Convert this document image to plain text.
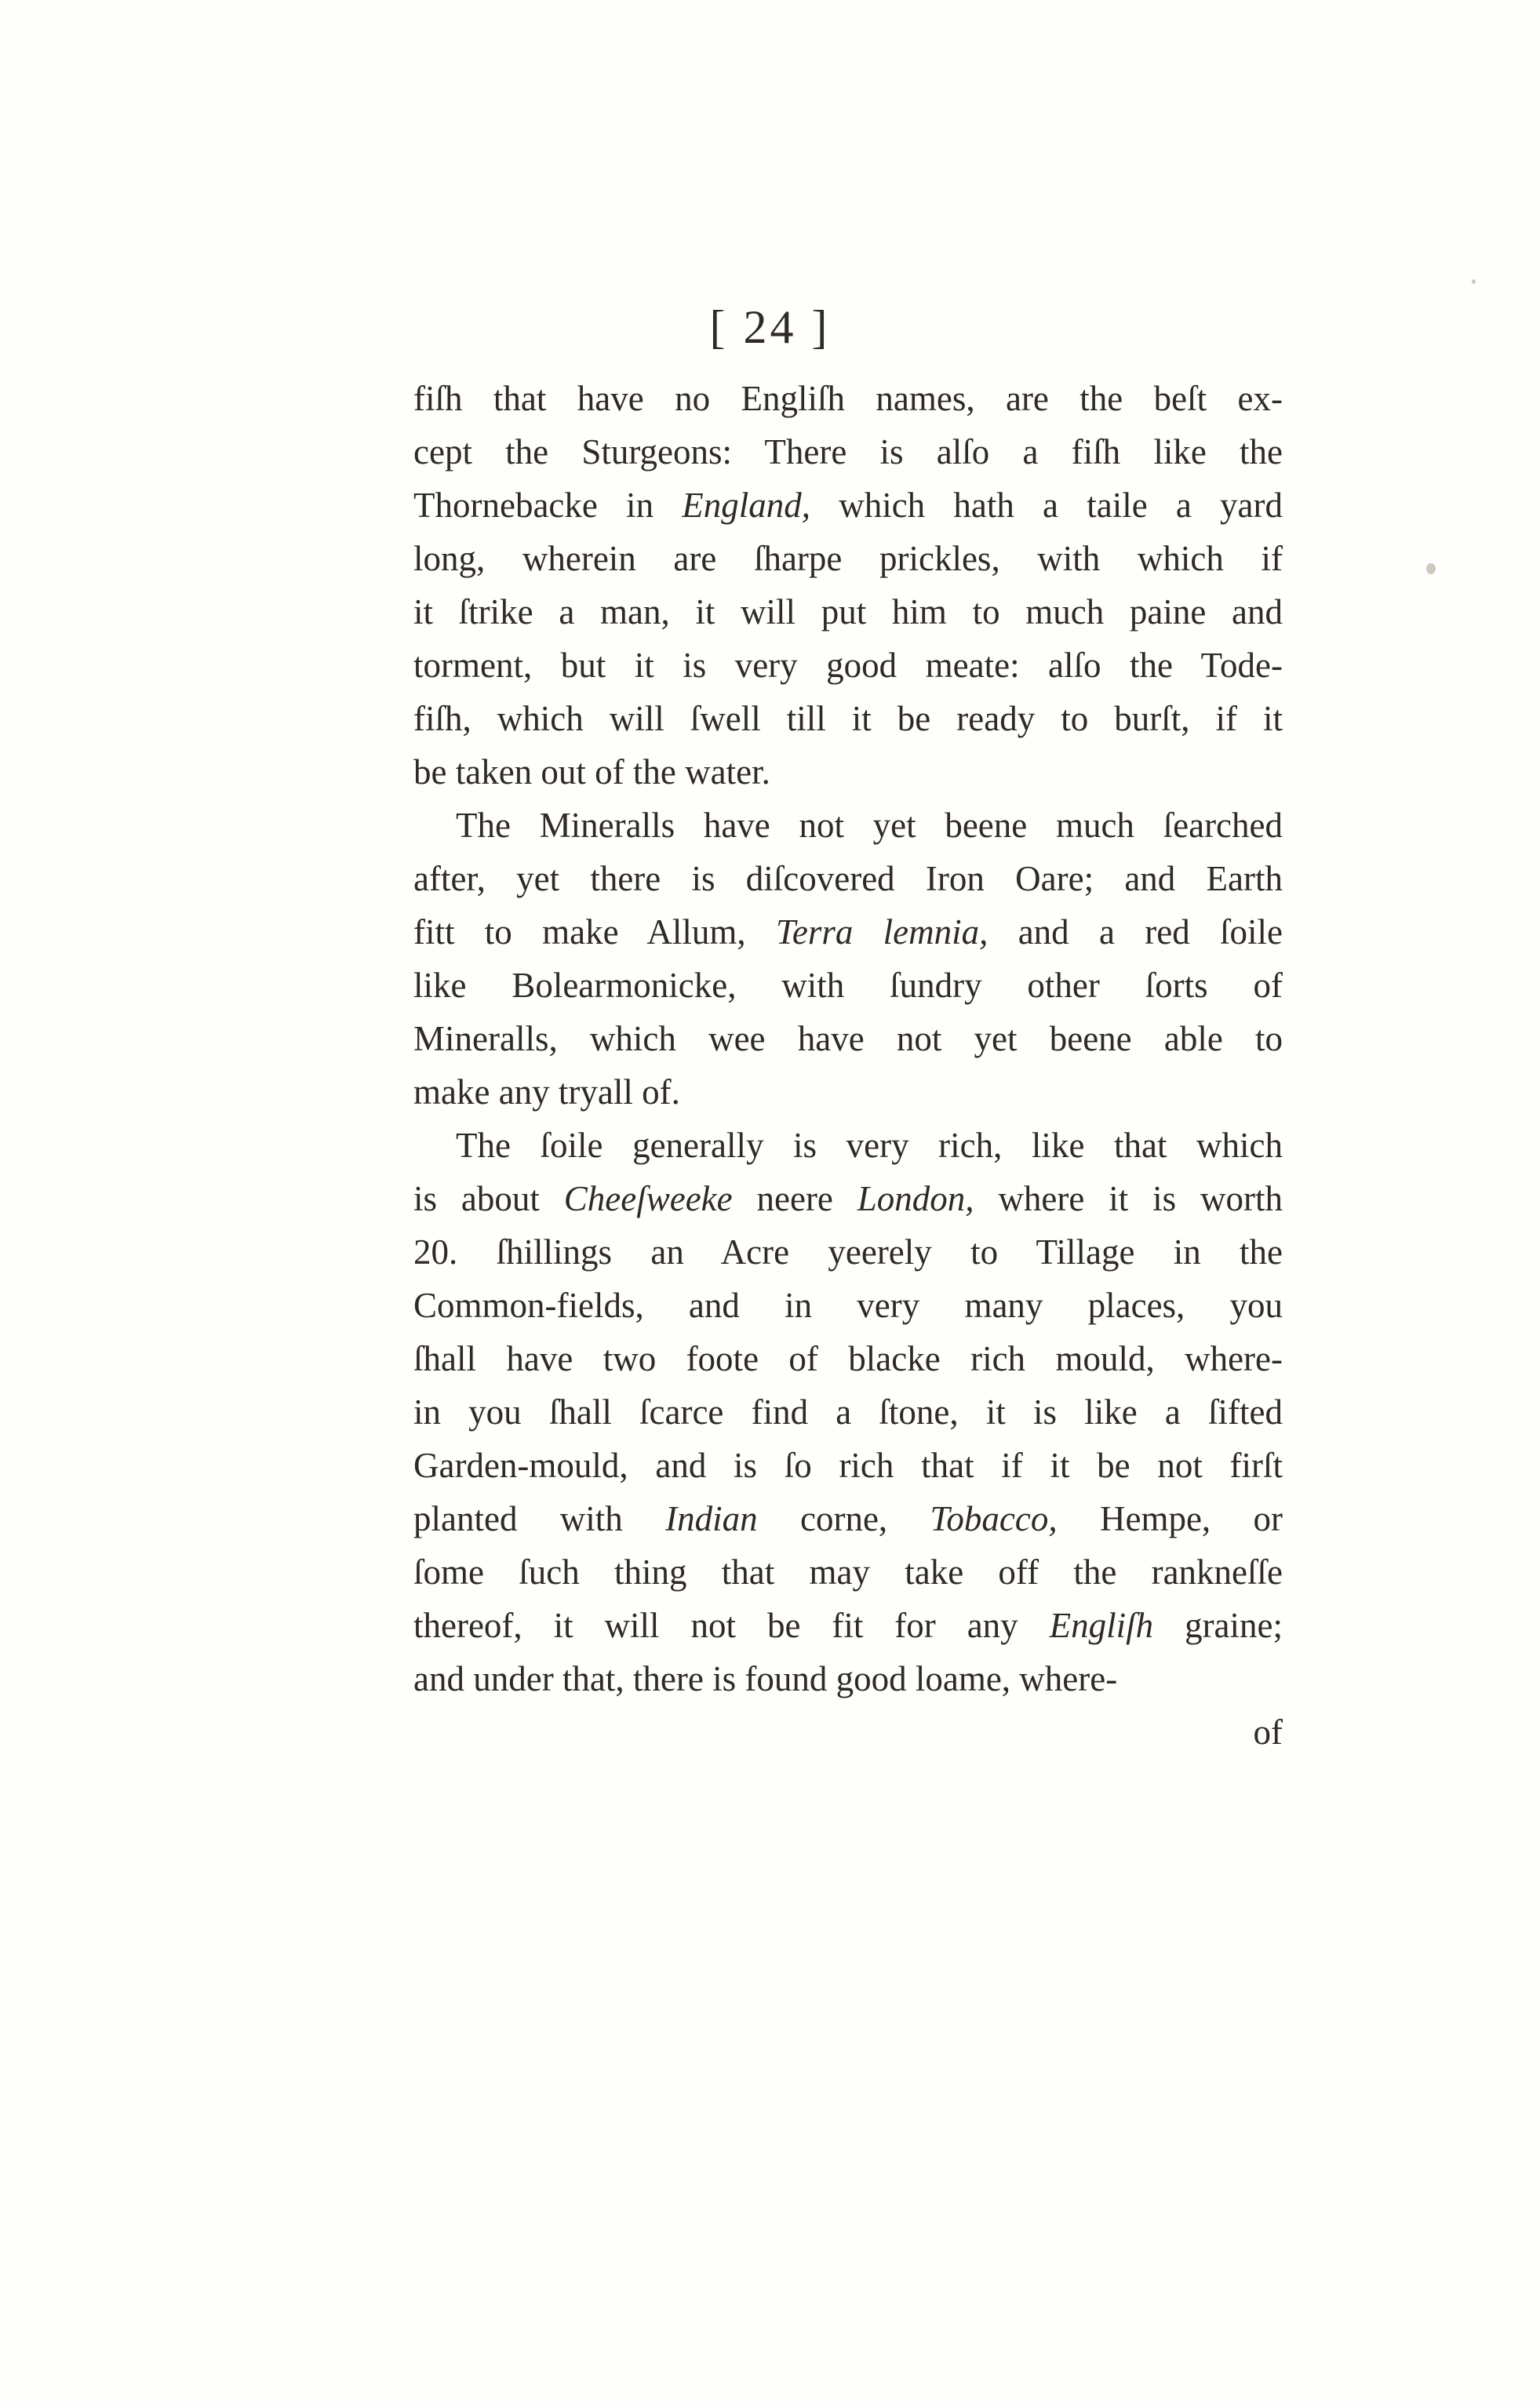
[ 24 ]
fiſh that have no Engliſh names, are the beſt ex-
cept the Sturgeons: There is alſo a fiſh like the
Thornebacke in England, which hath a taile a yard
long, wherein are ſharpe prickles, with which if
it ſtrike a man, it will put him to much paine and
torment, but it is very good meate: alſo the Tode-
fiſh, which will ſwell till it be ready to burſt, if it
be taken out of the water.
The Mineralls have not yet beene much ſearched
after, yet there is diſcovered Iron Oare; and Earth
fitt to make Allum, Terra lemnia, and a red ſoile
like Bolearmonicke, with ſundry other ſorts of
Mineralls, which wee have not yet beene able to
make any tryall of.
The ſoile generally is very rich, like that which
is about Cheeſweeke neere London, where it is worth
20. ſhillings an Acre yeerely to Tillage in the
Common-fields, and in very many places, you
ſhall have two foote of blacke rich mould, where-
in you ſhall ſcarce find a ſtone, it is like a ſifted
Garden-mould, and is ſo rich that if it be not firſt
planted with Indian corne, Tobacco, Hempe, or
ſome ſuch thing that may take off the rankneſſe
thereof, it will not be fit for any Engliſh graine;
and under that, there is found good loame, where-
of
